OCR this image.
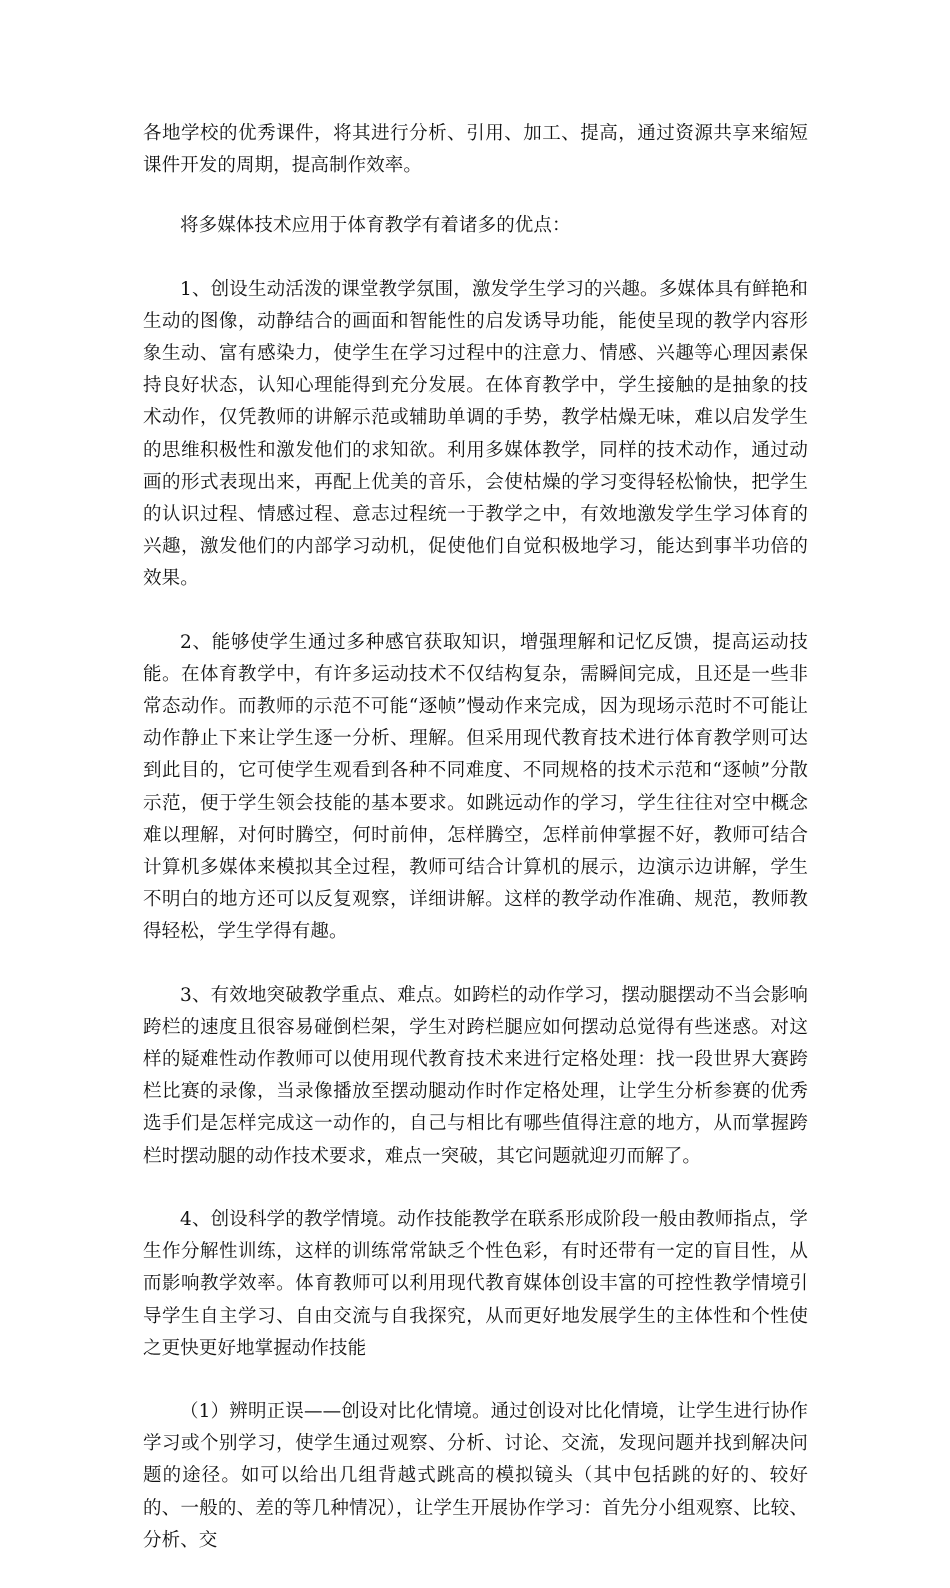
各地学校的优秀课件，将其进行分析、引用、加工、提高，通过资源共享来缩短课件开发的周期，提高制作效率。

将多媒体技术应用于体育教学有着诸多的优点：

1、创设生动活泼的课堂教学氛围，激发学生学习的兴趣。多媒体具有鲜艳和生动的图像，动静结合的画面和智能性的启发诱导功能，能使呈现的教学内容形象生动、富有感染力，使学生在学习过程中的注意力、情感、兴趣等心理因素保持良好状态，认知心理能得到充分发展。在体育教学中，学生接触的是抽象的技术动作，仅凭教师的讲解示范或辅助单调的手势，教学枯燥无味，难以启发学生的思维积极性和激发他们的求知欲。利用多媒体教学，同样的技术动作，通过动画的形式表现出来，再配上优美的音乐，会使枯燥的学习变得轻松愉快，把学生的认识过程、情感过程、意志过程统一于教学之中，有效地激发学生学习体育的兴趣，激发他们的内部学习动机，促使他们自觉积极地学习，能达到事半功倍的效果。

2、能够使学生通过多种感官获取知识，增强理解和记忆反馈，提高运动技能。在体育教学中，有许多运动技术不仅结构复杂，需瞬间完成，且还是一些非常态动作。而教师的示范不可能“逐帧”慢动作来完成，因为现场示范时不可能让动作静止下来让学生逐一分析、理解。但采用现代教育技术进行体育教学则可达到此目的，它可使学生观看到各种不同难度、不同规格的技术示范和“逐帧”分散示范，便于学生领会技能的基本要求。如跳远动作的学习，学生往往对空中概念难以理解，对何时腾空，何时前伸，怎样腾空，怎样前伸掌握不好，教师可结合计算机多媒体来模拟其全过程，教师可结合计算机的展示，边演示边讲解，学生不明白的地方还可以反复观察，详细讲解。这样的教学动作准确、规范，教师教得轻松，学生学得有趣。

3、有效地突破教学重点、难点。如跨栏的动作学习，摆动腿摆动不当会影响跨栏的速度且很容易碰倒栏架，学生对跨栏腿应如何摆动总觉得有些迷惑。对这样的疑难性动作教师可以使用现代教育技术来进行定格处理：找一段世界大赛跨栏比赛的录像，当录像播放至摆动腿动作时作定格处理，让学生分析参赛的优秀选手们是怎样完成这一动作的，自己与相比有哪些值得注意的地方，从而掌握跨栏时摆动腿的动作技术要求，难点一突破，其它问题就迎刃而解了。

4、创设科学的教学情境。动作技能教学在联系形成阶段一般由教师指点，学生作分解性训练，这样的训练常常缺乏个性色彩，有时还带有一定的盲目性，从而影响教学效率。体育教师可以利用现代教育媒体创设丰富的可控性教学情境引导学生自主学习、自由交流与自我探究，从而更好地发展学生的主体性和个性使之更快更好地掌握动作技能

（1）辨明正误——创设对比化情境。通过创设对比化情境，让学生进行协作学习或个别学习，使学生通过观察、分析、讨论、交流，发现问题并找到解决问题的途径。如可以给出几组背越式跳高的模拟镜头（其中包括跳的好的、较好的、一般的、差的等几种情况），让学生开展协作学习：首先分小组观察、比较、分析、交
